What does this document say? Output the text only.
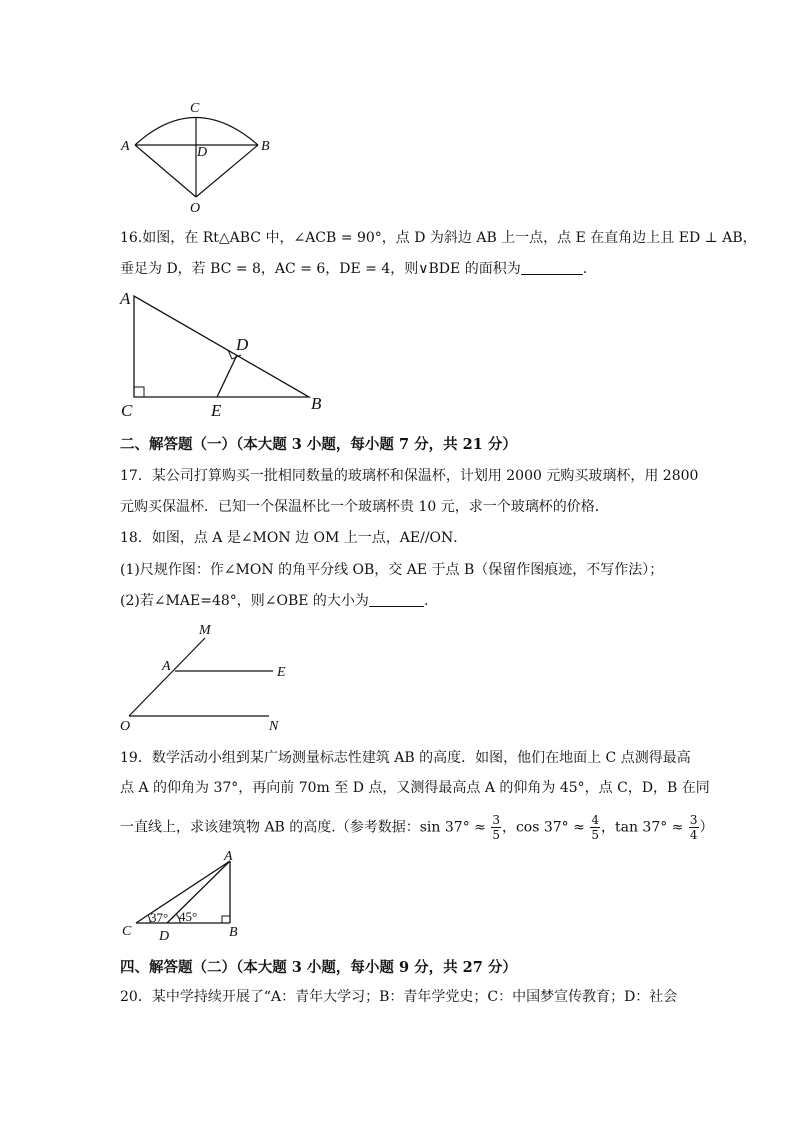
C
A	D	B
O
16.如图，在 Rt△ABC 中，∠ACB = 90°，点 D 为斜边 AB 上一点，点 E 在直角边上且 ED ⊥ AB，
垂足为 D，若 BC = 8，AC = 6，DE = 4，则∨BDE 的面积为	.
A
D
C	E	B
二、解答题（一）（本大题 3 小题，每小题 7 分，共 21 分）
17．某公司打算购买一批相同数量的玻璃杯和保温杯，计划用 2000 元购买玻璃杯，用 2800
元购买保温杯．已知一个保温杯比一个玻璃杯贵 10 元，求一个玻璃杯的价格．
18．如图，点 A 是∠MON 边 OM 上一点，AE//ON．
(1)尺规作图：作∠MON 的角平分线 OB，交 AE 于点 B（保留作图痕迹，不写作法）；
(2)若∠MAE=48°，则∠OBE 的大小为	.
M
A	E
O	N
19．数学活动小组到某广场测量标志性建筑 AB 的高度．如图，他们在地面上 C 点测得最高
点 A 的仰角为 37°，再向前 70m 至 D 点，又测得最高点 A 的仰角为 45°，点 C，D，B 在同
一直线上，求该建筑物 AB 的高度.（参考数据：$\sin 37^\circ \approx \frac{3}{5}$ ，$\cos 37^\circ \approx \frac{4}{5}$ ，$\tan 37^\circ \approx \frac{3}{4}$ ）
A
C D	B
37° 45°
四、解答题（二）（本大题 3 小题，每小题 9 分，共 27 分）
20．某中学持续开展了“A：青年大学习；B：青年学党史；C：中国梦宣传教育；D：社会
